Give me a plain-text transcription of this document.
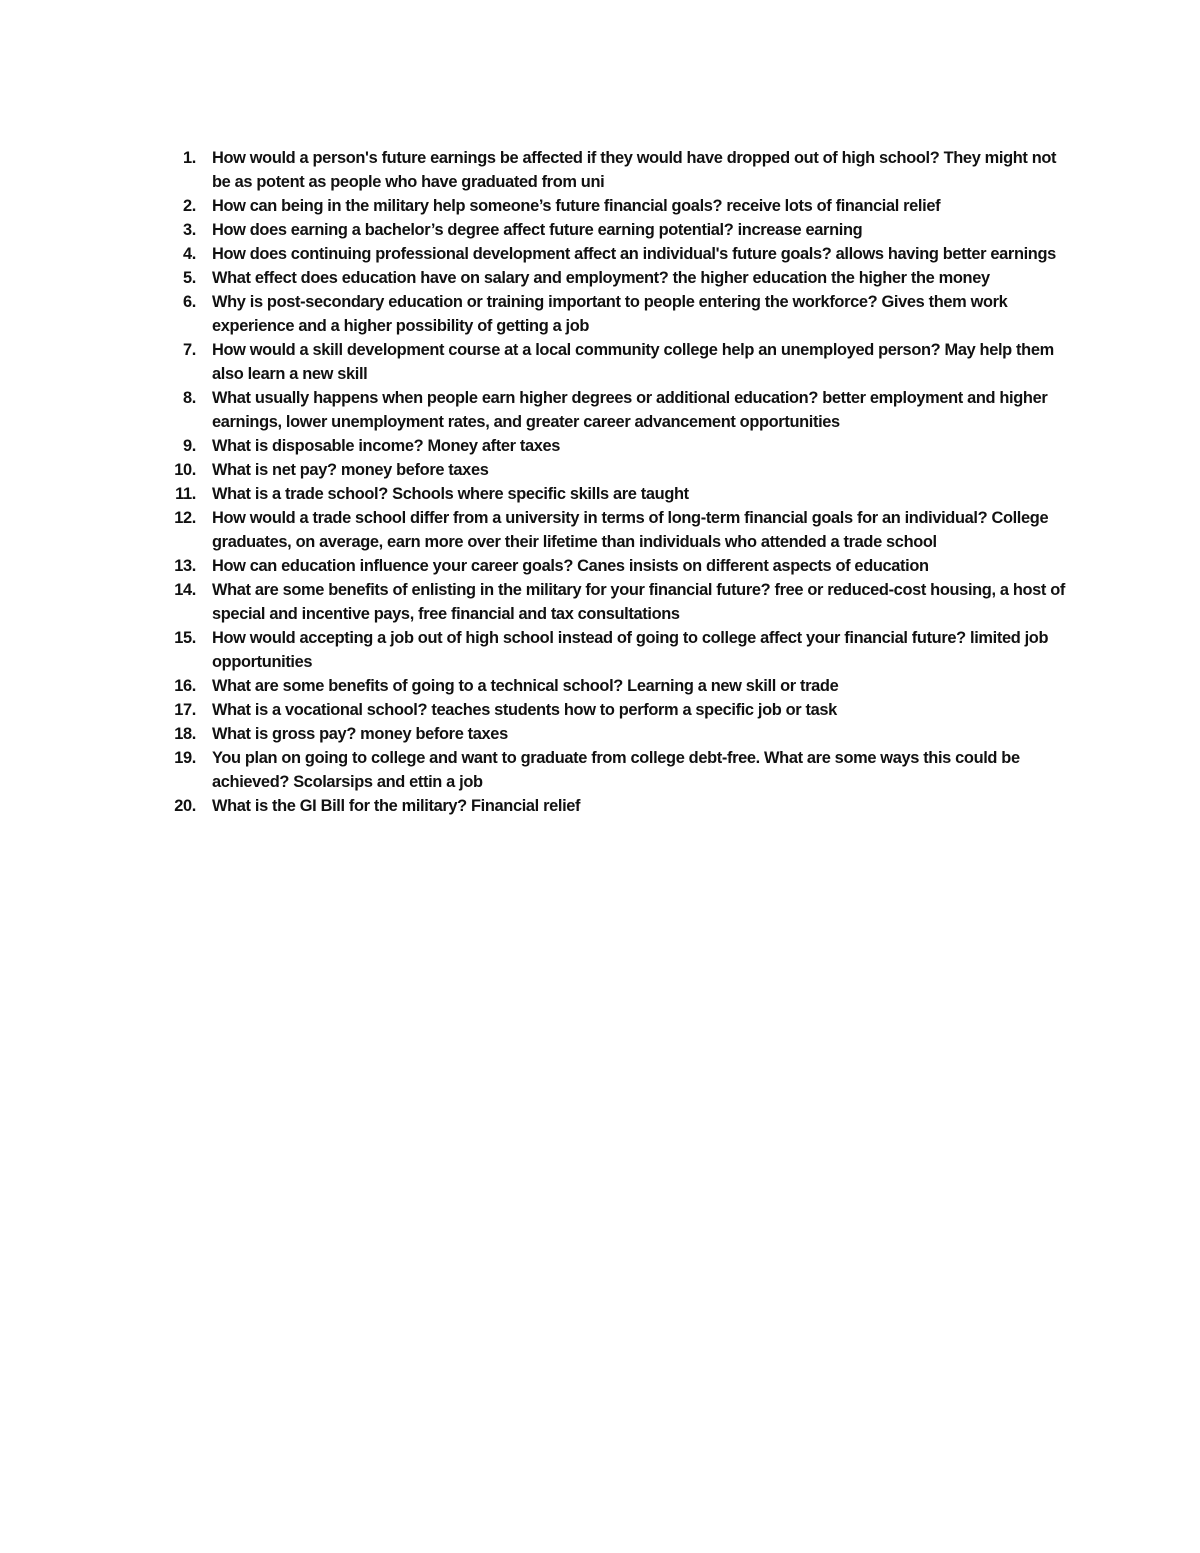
1. How would a person's future earnings be affected if they would have dropped out of high school? They might not be as potent as people who have graduated from uni
2. How can being in the military help someone’s future financial goals? receive lots of financial relief
3. How does earning a bachelor’s degree affect future earning potential? increase earning
4. How does continuing professional development affect an individual's future goals? allows having better earnings
5. What effect does education have on salary and employment? the higher education the higher the money
6. Why is post-secondary education or training important to people entering the workforce? Gives them work experience and a higher possibility of getting a job
7. How would a skill development course at a local community college help an unemployed person? May help them also learn a new skill
8. What usually happens when people earn higher degrees or additional education? better employment and higher earnings, lower unemployment rates, and greater career advancement opportunities
9. What is disposable income? Money after taxes
10. What is net pay? money before taxes
11. What is a trade school? Schools where specific skills are taught
12. How would a trade school differ from a university in terms of long-term financial goals for an individual? College graduates, on average, earn more over their lifetime than individuals who attended a trade school
13. How can education influence your career goals? Canes insists on different aspects of education
14. What are some benefits of enlisting in the military for your financial future? free or reduced-cost housing, a host of special and incentive pays, free financial and tax consultations
15. How would accepting a job out of high school instead of going to college affect your financial future? limited job opportunities
16. What are some benefits of going to a technical school? Learning a new skill or trade
17. What is a vocational school? teaches students how to perform a specific job or task
18. What is gross pay? money before taxes
19. You plan on going to college and want to graduate from college debt-free. What are some ways this could be achieved? Scolarsips and ettin a job
20. What is the GI Bill for the military? Financial relief
